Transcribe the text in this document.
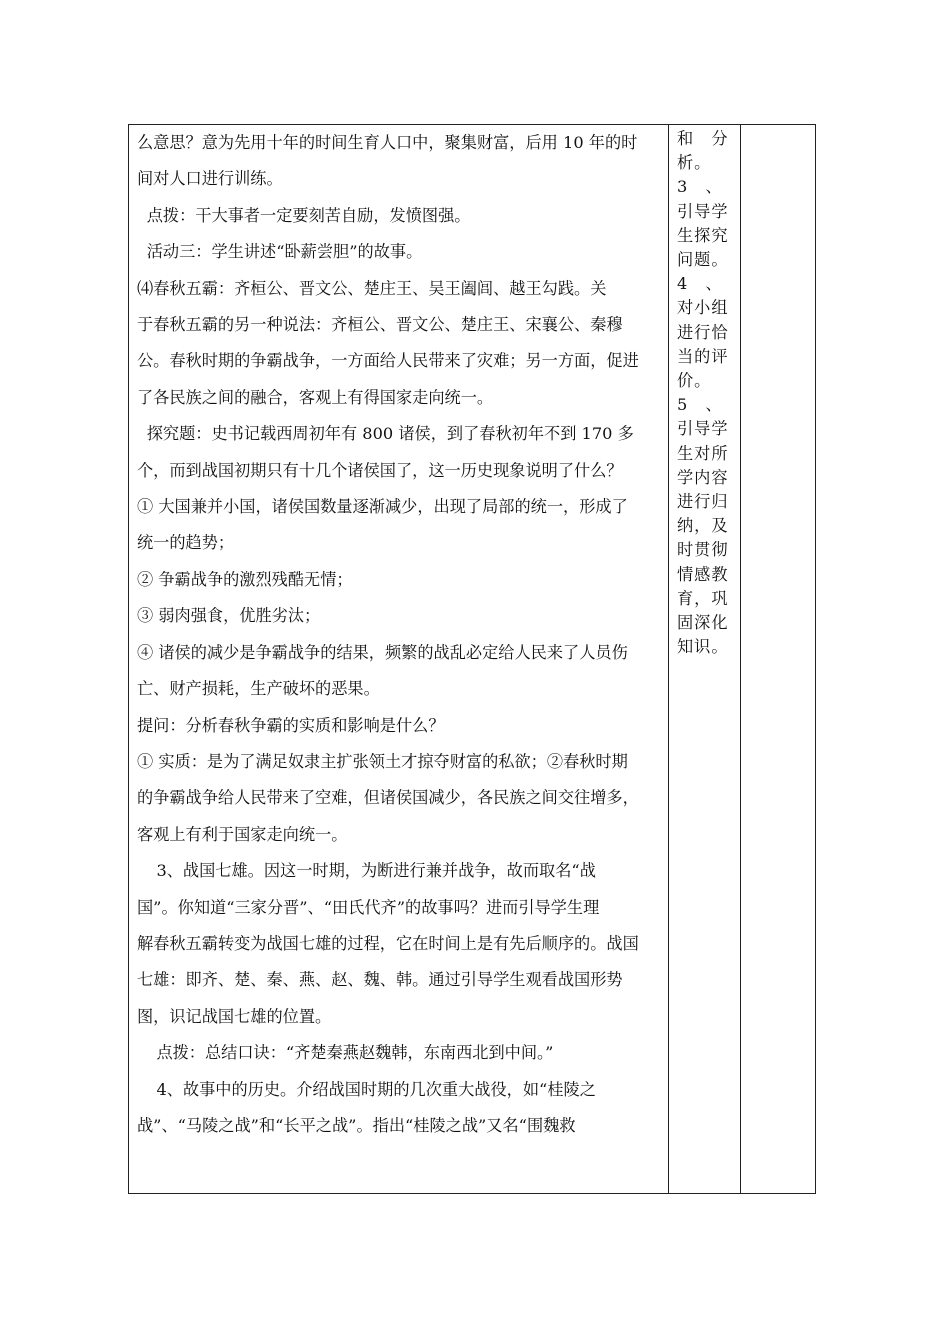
么意思？意为先用十年的时间生育人口中，聚集财富，后用 10 年的时

间对人口进行训练。

点拨：干大事者一定要刻苦自励，发愤图强。

活动三：学生讲述“卧薪尝胆”的故事。

⑷春秋五霸：齐桓公、晋文公、楚庄王、吴王阖闾、越王勾践。关

于春秋五霸的另一种说法：齐桓公、晋文公、楚庄王、宋襄公、秦穆

公。春秋时期的争霸战争，一方面给人民带来了灾难；另一方面，促进

了各民族之间的融合，客观上有得国家走向统一。

探究题：史书记载西周初年有 800 诸侯，到了春秋初年不到 170 多

个，而到战国初期只有十几个诸侯国了，这一历史现象说明了什么？

① 大国兼并小国，诸侯国数量逐渐减少，出现了局部的统一，形成了

统一的趋势；

② 争霸战争的激烈残酷无情；

③ 弱肉强食，优胜劣汰；

④ 诸侯的减少是争霸战争的结果，频繁的战乱必定给人民来了人员伤

亡、财产损耗，生产破坏的恶果。

提问：分析春秋争霸的实质和影响是什么？

① 实质：是为了满足奴隶主扩张领土才掠夺财富的私欲；②春秋时期

的争霸战争给人民带来了空难，但诸侯国减少，各民族之间交往增多，

客观上有利于国家走向统一。

3、战国七雄。因这一时期，为断进行兼并战争，故而取名“战

国”。你知道“三家分晋”、“田氏代齐”的故事吗？进而引导学生理

解春秋五霸转变为战国七雄的过程，它在时间上是有先后顺序的。战国

七雄：即齐、楚、秦、燕、赵、魏、韩。通过引导学生观看战国形势

图，识记战国七雄的位置。

点拨：总结口诀：“齐楚秦燕赵魏韩，东南西北到中间。”

4、故事中的历史。介绍战国时期的几次重大战役，如“桂陵之

战”、“马陵之战”和“长平之战”。指出“桂陵之战”又名“围魏救

和　分
析。
3　、
引导学
生探究
问题。
4　、
对小组
进行恰
当的评
价。
5　、
引导学
生对所
学内容
进行归
纳，及
时贯彻
情感教
育，巩
固深化
知识。
